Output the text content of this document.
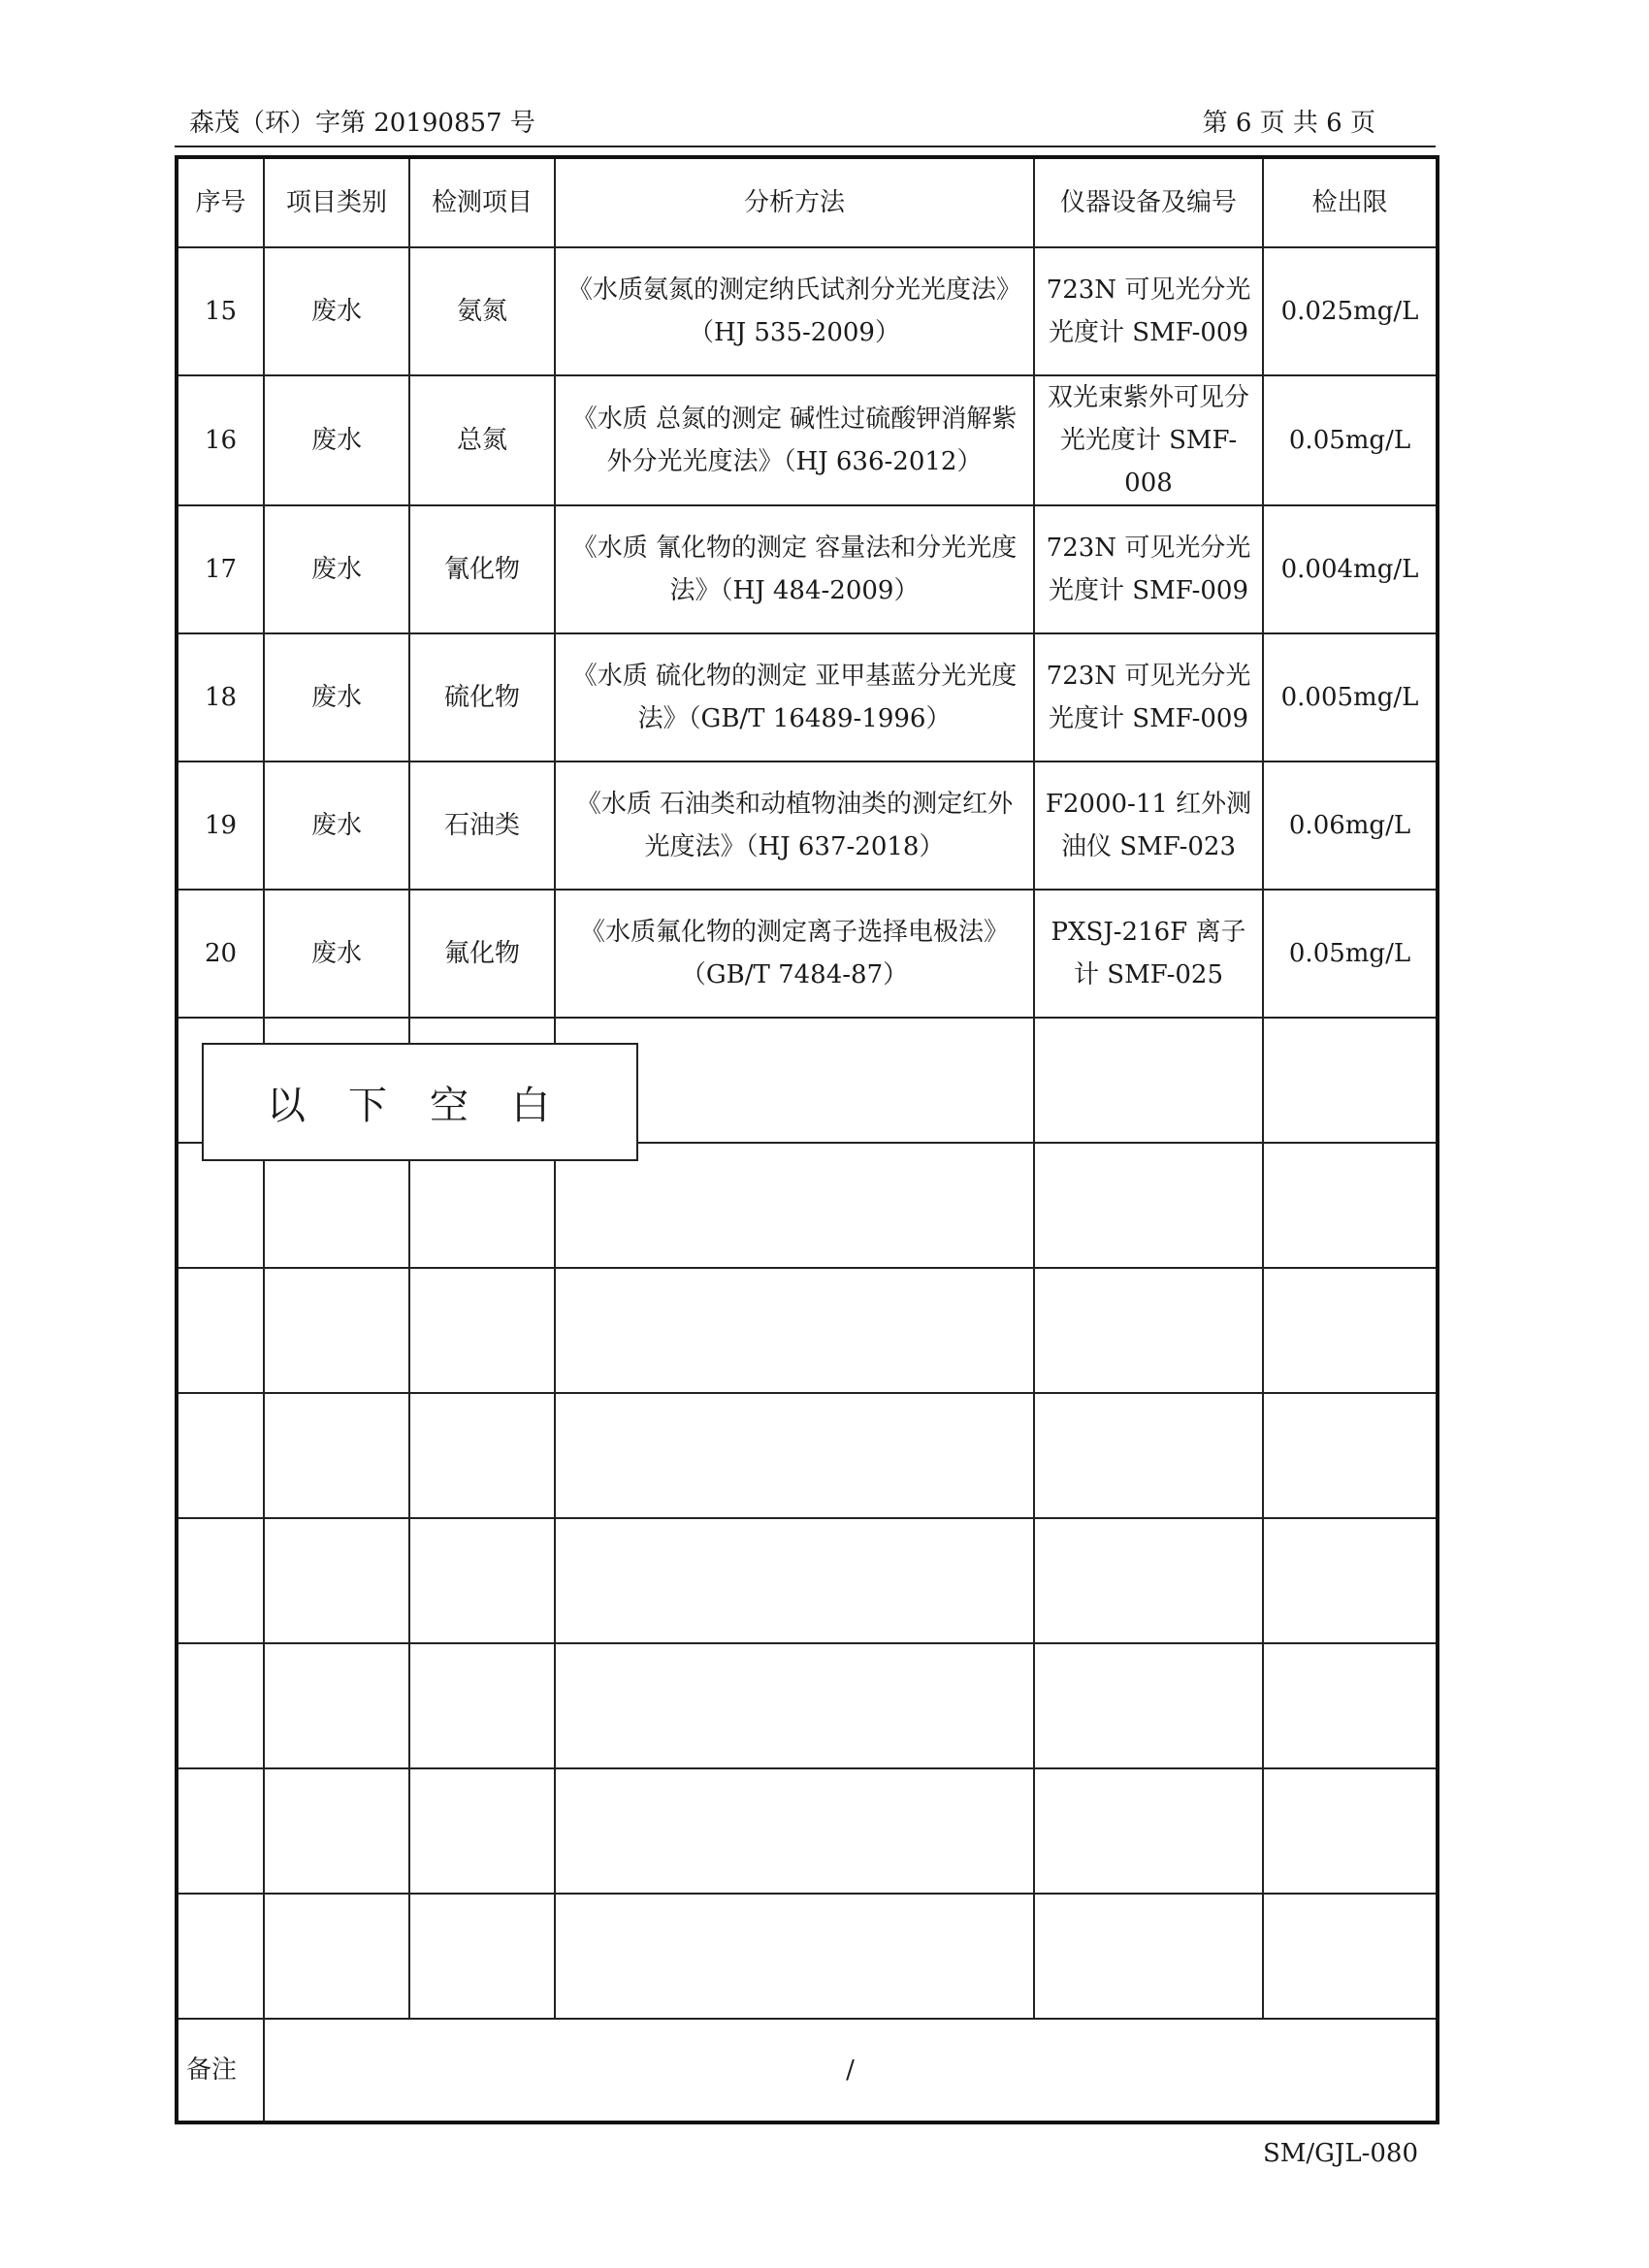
森茂（环）字第 20190857 号	第 6 页 共 6 页
序号	项目类别	检测项目	分析方法	仪器设备及编号	检出限
15	废水	氨氮	《水质氨氮的测定纳氏试剂分光光度法》（HJ 535-2009）	723N 可见光分光光度计 SMF-009	0.025mg/L
16	废水	总氮	《水质 总氮的测定 碱性过硫酸钾消解紫外分光光度法》（HJ 636-2012）	双光束紫外可见分光光度计 SMF-008	0.05mg/L
17	废水	氰化物	《水质 氰化物的测定 容量法和分光光度法》（HJ 484-2009）	723N 可见光分光光度计 SMF-009	0.004mg/L
18	废水	硫化物	《水质 硫化物的测定 亚甲基蓝分光光度法》（GB/T 16489-1996）	723N 可见光分光光度计 SMF-009	0.005mg/L
19	废水	石油类	《水质 石油类和动植物油类的测定红外光度法》（HJ 637-2018）	F2000-11 红外测油仪 SMF-023	0.06mg/L
20	废水	氟化物	《水质氟化物的测定离子选择电极法》（GB/T 7484-87）	PXSJ-216F 离子计 SMF-025	0.05mg/L

备注	/				
以下空白
SM/GJL-080
